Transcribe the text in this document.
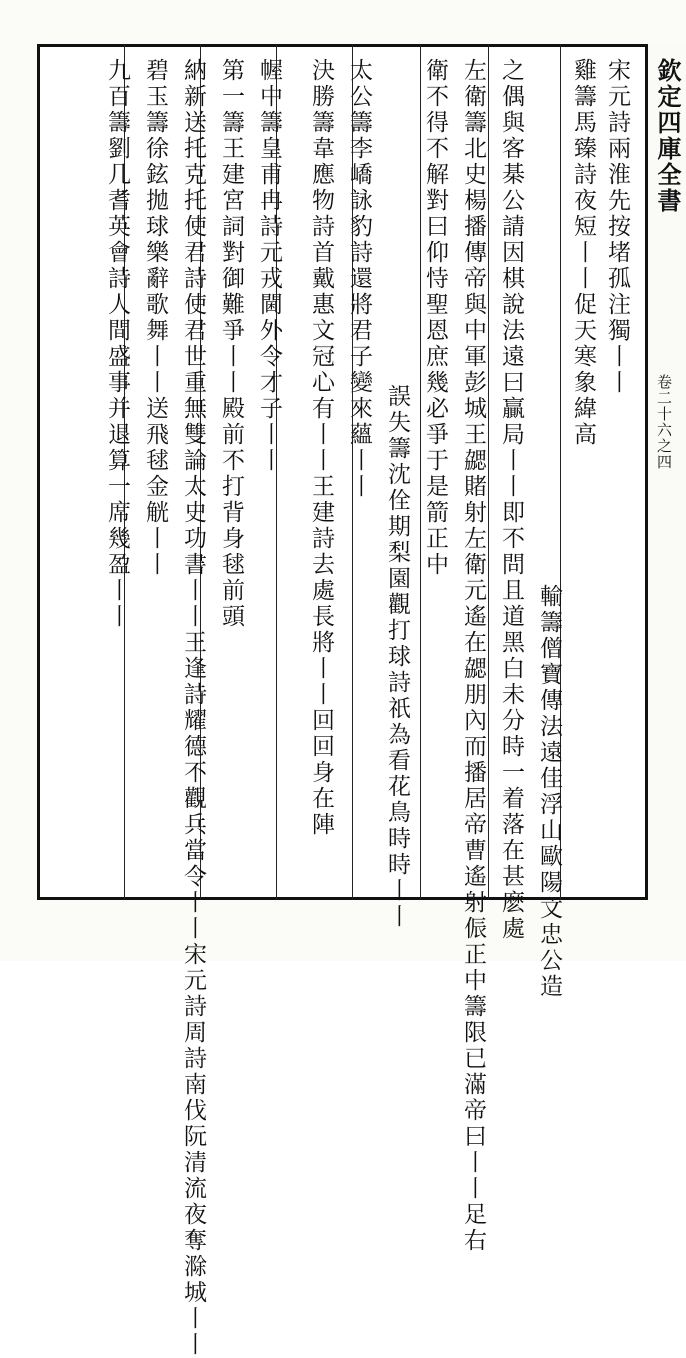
欽定四庫全書
卷二十六之四
宋元詩兩淮先按堵孤注獨丨丨
雞籌馬臻詩夜短丨丨促天寒象緯高
輸籌僧寶傳法遠佳浮山歐陽文忠公造
之偶與客棊公請因棋說法遠曰贏局丨丨即不問且道黑白未分時一着落在甚麽處
左衛籌北史楊播傳帝與中軍彭城王勰賭射左衛元遙在勰朋內而播居帝曹遙射侲正中籌限已滿帝曰丨丨足右
衛不得不解對曰仰恃聖恩庶幾必爭于是箭正中
誤失籌沈佺期梨園觀打球詩祇為看花鳥時時丨丨
太公籌李嶠詠豹詩還將君子變來蘊丨丨
決勝籌韋應物詩首戴惠文冠心有丨丨王建詩去處長將丨丨回回身在陣
幄中籌皇甫冉詩元戎閫外令才子丨丨
第一籌王建宮詞對御難爭丨丨殿前不打背身毬前頭
納新送托克托使君詩使君世重無雙論太史功書丨丨王逢詩耀德不觀兵當令丨丨宋元詩周詩南伐阮清流夜奪滁城丨丨
碧玉籌徐鉉拋球樂辭歌舞丨丨送飛毬金觥丨丨
九百籌劉几耆英會詩人間盛事并退算一席幾盈丨丨
